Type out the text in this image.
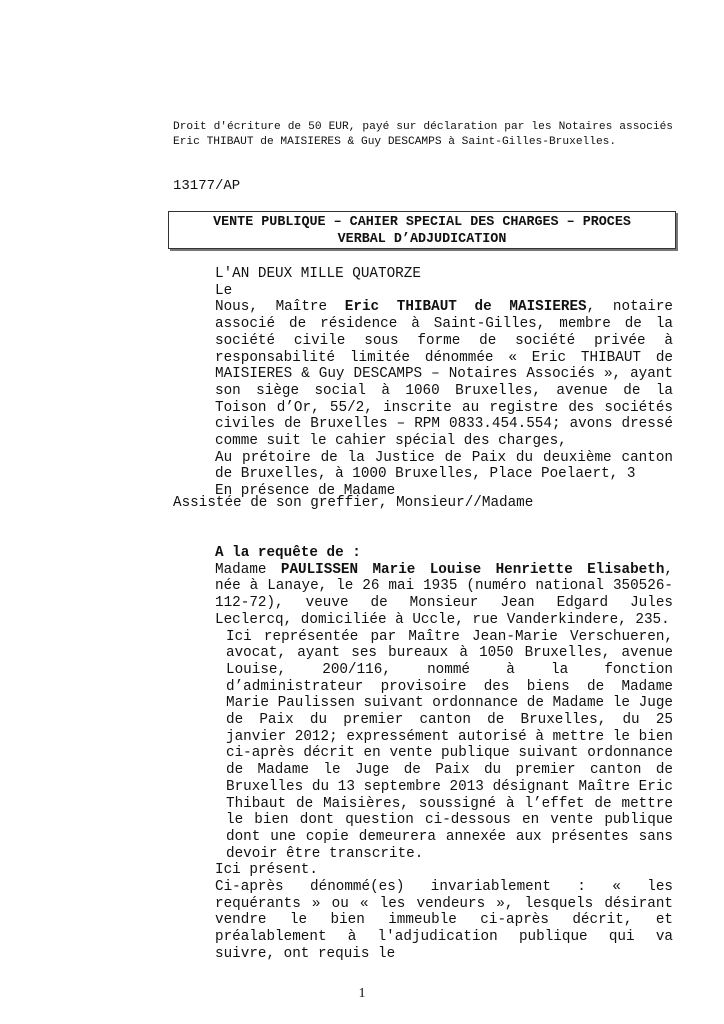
Droit d'écriture de 50 EUR, payé sur déclaration par les Notaires associés Eric THIBAUT de MAISIERES & Guy DESCAMPS à Saint-Gilles-Bruxelles.
13177/AP
VENTE PUBLIQUE – CAHIER SPECIAL DES CHARGES – PROCES
VERBAL D’ADJUDICATION
L'AN DEUX MILLE QUATORZE
Le
Nous, Maître Eric THIBAUT de MAISIERES, notaire associé de résidence à Saint-Gilles, membre de la société civile sous forme de société privée à responsabilité limitée dénommée « Eric THIBAUT de MAISIERES & Guy DESCAMPS – Notaires Associés », ayant son siège social à 1060 Bruxelles, avenue de la Toison d’Or, 55/2, inscrite au registre des sociétés civiles de Bruxelles – RPM 0833.454.554; avons dressé comme suit le cahier spécial des charges,
Au prétoire de la Justice de Paix du deuxième canton de Bruxelles, à 1000 Bruxelles, Place Poelaert, 3
En présence de Madame
Assistée de son greffier, Monsieur//Madame
A la requête de :
Madame PAULISSEN Marie Louise Henriette Elisabeth, née à Lanaye, le 26 mai 1935 (numéro national 350526-112-72), veuve de Monsieur Jean Edgard Jules Leclercq, domiciliée à Uccle, rue Vanderkindere, 235.
Ici représentée par Maître Jean-Marie Verschueren, avocat, ayant ses bureaux à 1050 Bruxelles, avenue Louise, 200/116, nommé à la fonction d’administrateur provisoire des biens de Madame Marie Paulissen suivant ordonnance de Madame le Juge de Paix du premier canton de Bruxelles, du 25 janvier 2012; expressément autorisé à mettre le bien ci-après décrit en vente publique suivant ordonnance de Madame le Juge de Paix du premier canton de Bruxelles du 13 septembre 2013 désignant Maître Eric Thibaut de Maisières, soussigné à l’effet de mettre le bien dont question ci-dessous en vente publique dont une copie demeurera annexée aux présentes sans devoir être transcrite.
Ici présent.
Ci-après dénommé(es) invariablement : « les requérants » ou « les vendeurs », lesquels désirant vendre le bien immeuble ci-après décrit, et préalablement à l'adjudication publique qui va suivre, ont requis le
1
